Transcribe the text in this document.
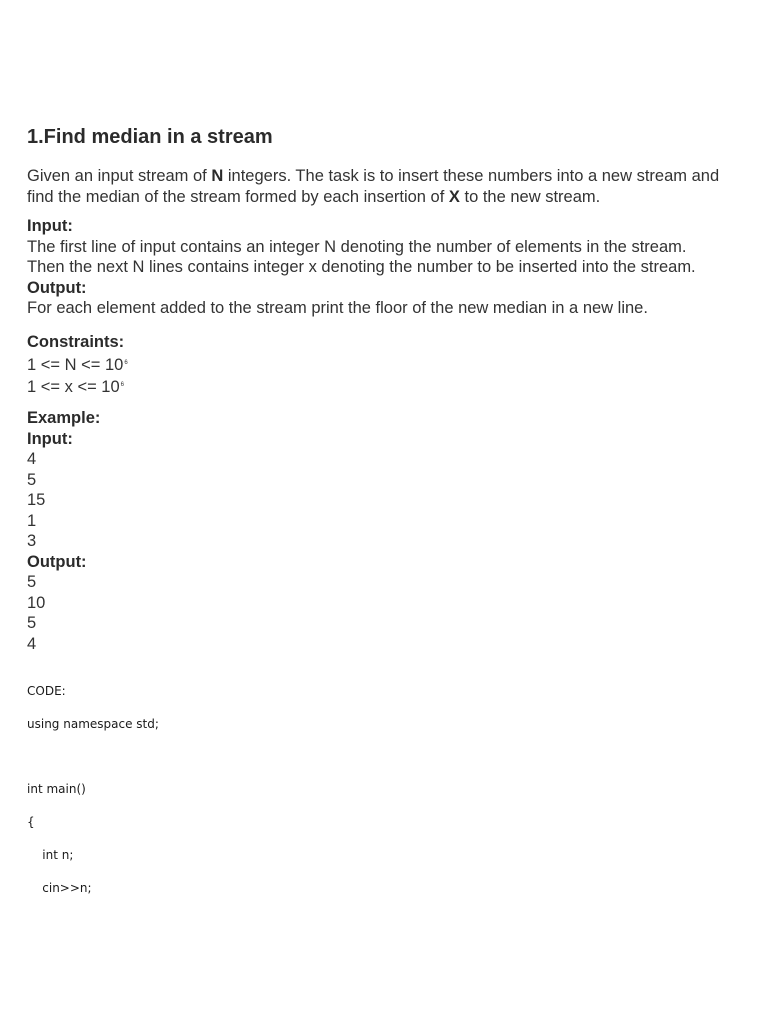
1.Find median in a stream
Given an input stream of N integers. The task is to insert these numbers into a new stream and
find the median of the stream formed by each insertion of X to the new stream.
Input:
The first line of input contains an integer N denoting the number of elements in the stream.
Then the next N lines contains integer x denoting the number to be inserted into the stream.
Output:
For each element added to the stream print the floor of the new median in a new line.
Constraints:
$1 <= N <= 10^6$
$1 <= x <= 10^6$
Example:
Input:
4
5
15
1
3
Output:
5
10
5
4
CODE:
using namespace std;
int main()
{
int n;
cin>>n;
